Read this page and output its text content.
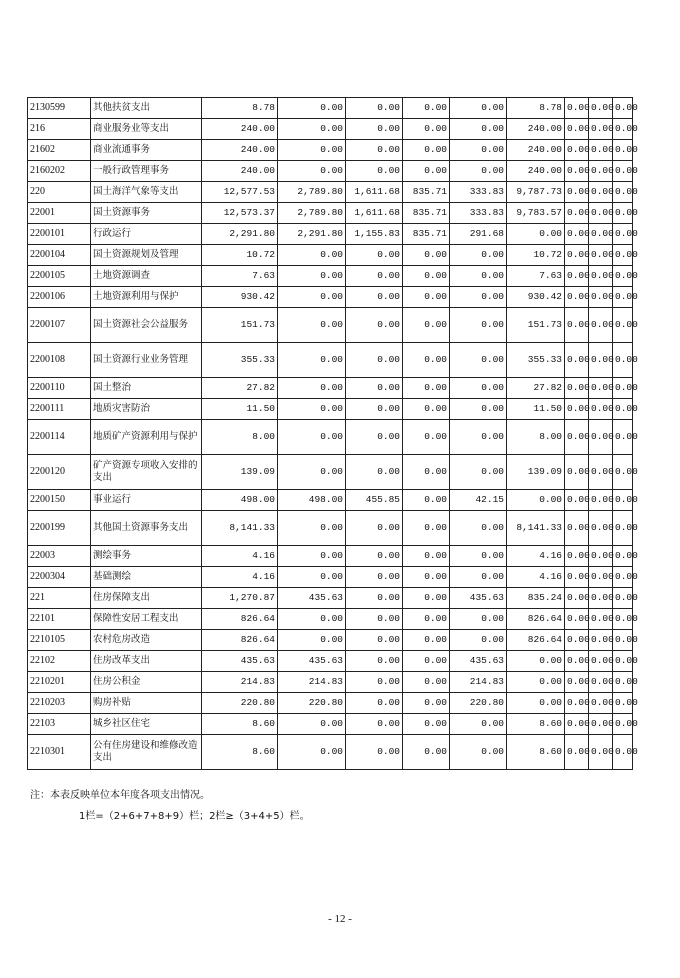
2130599	其他扶贫支出	8.78	0.00	0.00	0.00	0.00	8.78	0.00	0.00	0.00
216	商业服务业等支出	240.00	0.00	0.00	0.00	0.00	240.00	0.00	0.00	0.00
21602	商业流通事务	240.00	0.00	0.00	0.00	0.00	240.00	0.00	0.00	0.00
2160202	一般行政管理事务	240.00	0.00	0.00	0.00	0.00	240.00	0.00	0.00	0.00
220	国土海洋气象等支出	12,577.53	2,789.80	1,611.68	835.71	333.83	9,787.73	0.00	0.00	0.00
22001	国土资源事务	12,573.37	2,789.80	1,611.68	835.71	333.83	9,783.57	0.00	0.00	0.00
2200101	行政运行	2,291.80	2,291.80	1,155.83	835.71	291.68	0.00	0.00	0.00	0.00
2200104	国土资源规划及管理	10.72	0.00	0.00	0.00	0.00	10.72	0.00	0.00	0.00
2200105	土地资源调查	7.63	0.00	0.00	0.00	0.00	7.63	0.00	0.00	0.00
2200106	土地资源利用与保护	930.42	0.00	0.00	0.00	0.00	930.42	0.00	0.00	0.00
2200107	国土资源社会公益服务	151.73	0.00	0.00	0.00	0.00	151.73	0.00	0.00	0.00
2200108	国土资源行业业务管理	355.33	0.00	0.00	0.00	0.00	355.33	0.00	0.00	0.00
2200110	国土整治	27.82	0.00	0.00	0.00	0.00	27.82	0.00	0.00	0.00
2200111	地质灾害防治	11.50	0.00	0.00	0.00	0.00	11.50	0.00	0.00	0.00
2200114	地质矿产资源利用与保护	8.00	0.00	0.00	0.00	0.00	8.00	0.00	0.00	0.00
2200120	矿产资源专项收入安排的支出	139.09	0.00	0.00	0.00	0.00	139.09	0.00	0.00	0.00
2200150	事业运行	498.00	498.00	455.85	0.00	42.15	0.00	0.00	0.00	0.00
2200199	其他国土资源事务支出	8,141.33	0.00	0.00	0.00	0.00	8,141.33	0.00	0.00	0.00
22003	测绘事务	4.16	0.00	0.00	0.00	0.00	4.16	0.00	0.00	0.00
2200304	基础测绘	4.16	0.00	0.00	0.00	0.00	4.16	0.00	0.00	0.00
221	住房保障支出	1,270.87	435.63	0.00	0.00	435.63	835.24	0.00	0.00	0.00
22101	保障性安居工程支出	826.64	0.00	0.00	0.00	0.00	826.64	0.00	0.00	0.00
2210105	农村危房改造	826.64	0.00	0.00	0.00	0.00	826.64	0.00	0.00	0.00
22102	住房改革支出	435.63	435.63	0.00	0.00	435.63	0.00	0.00	0.00	0.00
2210201	住房公积金	214.83	214.83	0.00	0.00	214.83	0.00	0.00	0.00	0.00
2210203	购房补贴	220.80	220.80	0.00	0.00	220.80	0.00	0.00	0.00	0.00
22103	城乡社区住宅	8.60	0.00	0.00	0.00	0.00	8.60	0.00	0.00	0.00
2210301	公有住房建设和维修改造支出	8.60	0.00	0.00	0.00	0.00	8.60	0.00	0.00	0.00
注：本表反映单位本年度各项支出情况。
1栏=（2+6+7+8+9）栏；2栏≥（3+4+5）栏。
- 12 -
